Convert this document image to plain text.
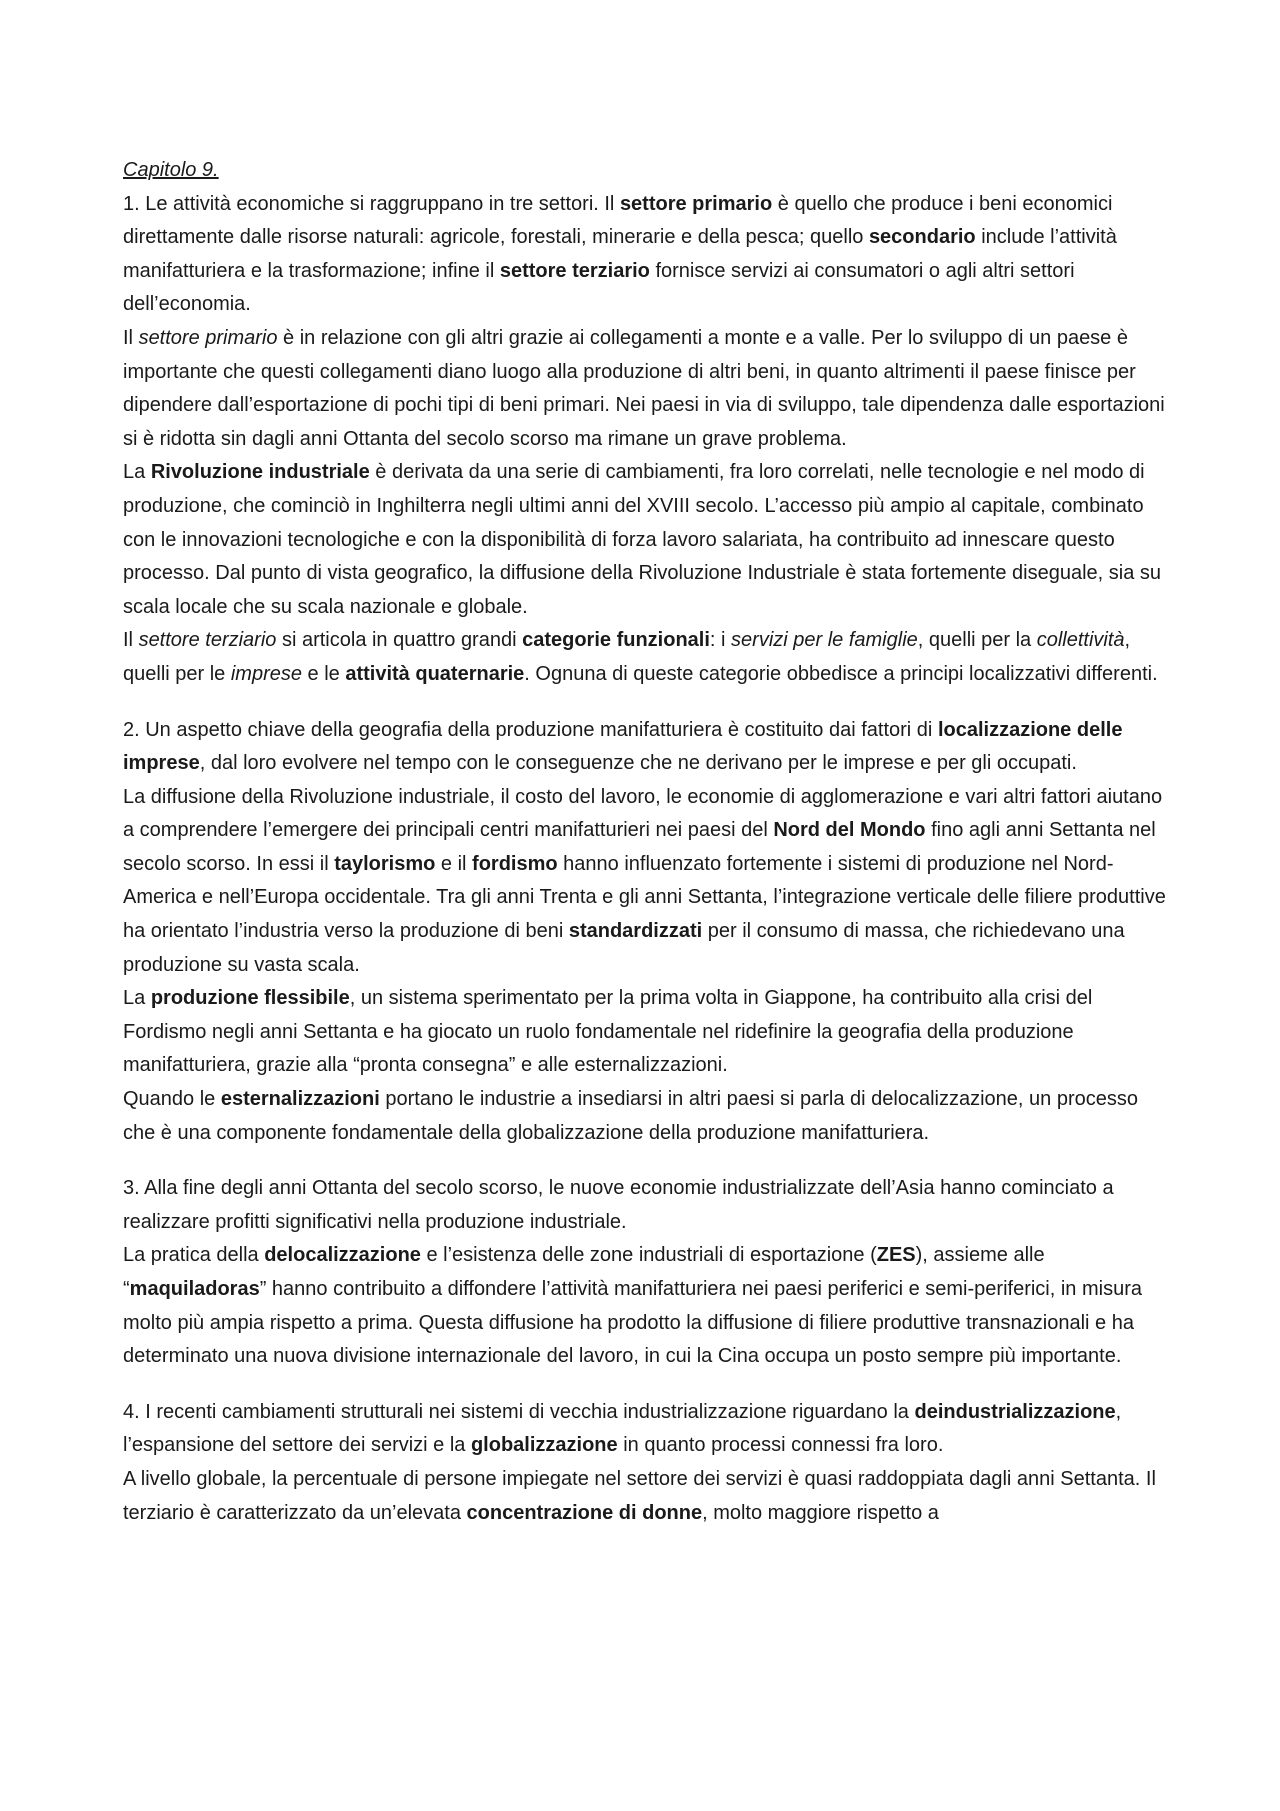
Capitolo 9.

1. Le attività economiche si raggruppano in tre settori. Il settore primario è quello che produce i beni economici direttamente dalle risorse naturali: agricole, forestali, minerarie e della pesca; quello secondario include l’attività manifatturiera e la trasformazione; infine il settore terziario fornisce servizi ai consumatori o agli altri settori dell’economia.

Il settore primario è in relazione con gli altri grazie ai collegamenti a monte e a valle. Per lo sviluppo di un paese è importante che questi collegamenti diano luogo alla produzione di altri beni, in quanto altrimenti il paese finisce per dipendere dall’esportazione di pochi tipi di beni primari. Nei paesi in via di sviluppo, tale dipendenza dalle esportazioni si è ridotta sin dagli anni Ottanta del secolo scorso ma rimane un grave problema.

La Rivoluzione industriale è derivata da una serie di cambiamenti, fra loro correlati, nelle tecnologie e nel modo di produzione, che cominciò in Inghilterra negli ultimi anni del XVIII secolo. L’accesso più ampio al capitale, combinato con le innovazioni tecnologiche e con la disponibilità di forza lavoro salariata, ha contribuito ad innescare questo processo. Dal punto di vista geografico, la diffusione della Rivoluzione Industriale è stata fortemente diseguale, sia su scala locale che su scala nazionale e globale.

Il settore terziario si articola in quattro grandi categorie funzionali: i servizi per le famiglie, quelli per la collettività, quelli per le imprese e le attività quaternarie. Ognuna di queste categorie obbedisce a principi localizzativi differenti.

2. Un aspetto chiave della geografia della produzione manifatturiera è costituito dai fattori di localizzazione delle imprese, dal loro evolvere nel tempo con le conseguenze che ne derivano per le imprese e per gli occupati.

La diffusione della Rivoluzione industriale, il costo del lavoro, le economie di agglomerazione e vari altri fattori aiutano a comprendere l’emergere dei principali centri manifatturieri nei paesi del Nord del Mondo fino agli anni Settanta nel secolo scorso. In essi il taylorismo e il fordismo hanno influenzato fortemente i sistemi di produzione nel Nord-America e nell’Europa occidentale. Tra gli anni Trenta e gli anni Settanta, l’integrazione verticale delle filiere produttive ha orientato l’industria verso la produzione di beni standardizzati per il consumo di massa, che richiedevano una produzione su vasta scala.

La produzione flessibile, un sistema sperimentato per la prima volta in Giappone, ha contribuito alla crisi del Fordismo negli anni Settanta e ha giocato un ruolo fondamentale nel ridefinire la geografia della produzione manifatturiera, grazie alla “pronta consegna” e alle esternalizzazioni.

Quando le esternalizzazioni portano le industrie a insediarsi in altri paesi si parla di delocalizzazione, un processo che è una componente fondamentale della globalizzazione della produzione manifatturiera.

3. Alla fine degli anni Ottanta del secolo scorso, le nuove economie industrializzate dell’Asia hanno cominciato a realizzare profitti significativi nella produzione industriale.

La pratica della delocalizzazione e l’esistenza delle zone industriali di esportazione (ZES), assieme alle “maquiladoras” hanno contribuito a diffondere l’attività manifatturiera nei paesi periferici e semi-periferici, in misura molto più ampia rispetto a prima. Questa diffusione ha prodotto la diffusione di filiere produttive transnazionali e ha determinato una nuova divisione internazionale del lavoro, in cui la Cina occupa un posto sempre più importante.

4. I recenti cambiamenti strutturali nei sistemi di vecchia industrializzazione riguardano la deindustrializzazione, l’espansione del settore dei servizi e la globalizzazione in quanto processi connessi fra loro.

A livello globale, la percentuale di persone impiegate nel settore dei servizi è quasi raddoppiata dagli anni Settanta. Il terziario è caratterizzato da un’elevata concentrazione di donne, molto maggiore rispetto a
